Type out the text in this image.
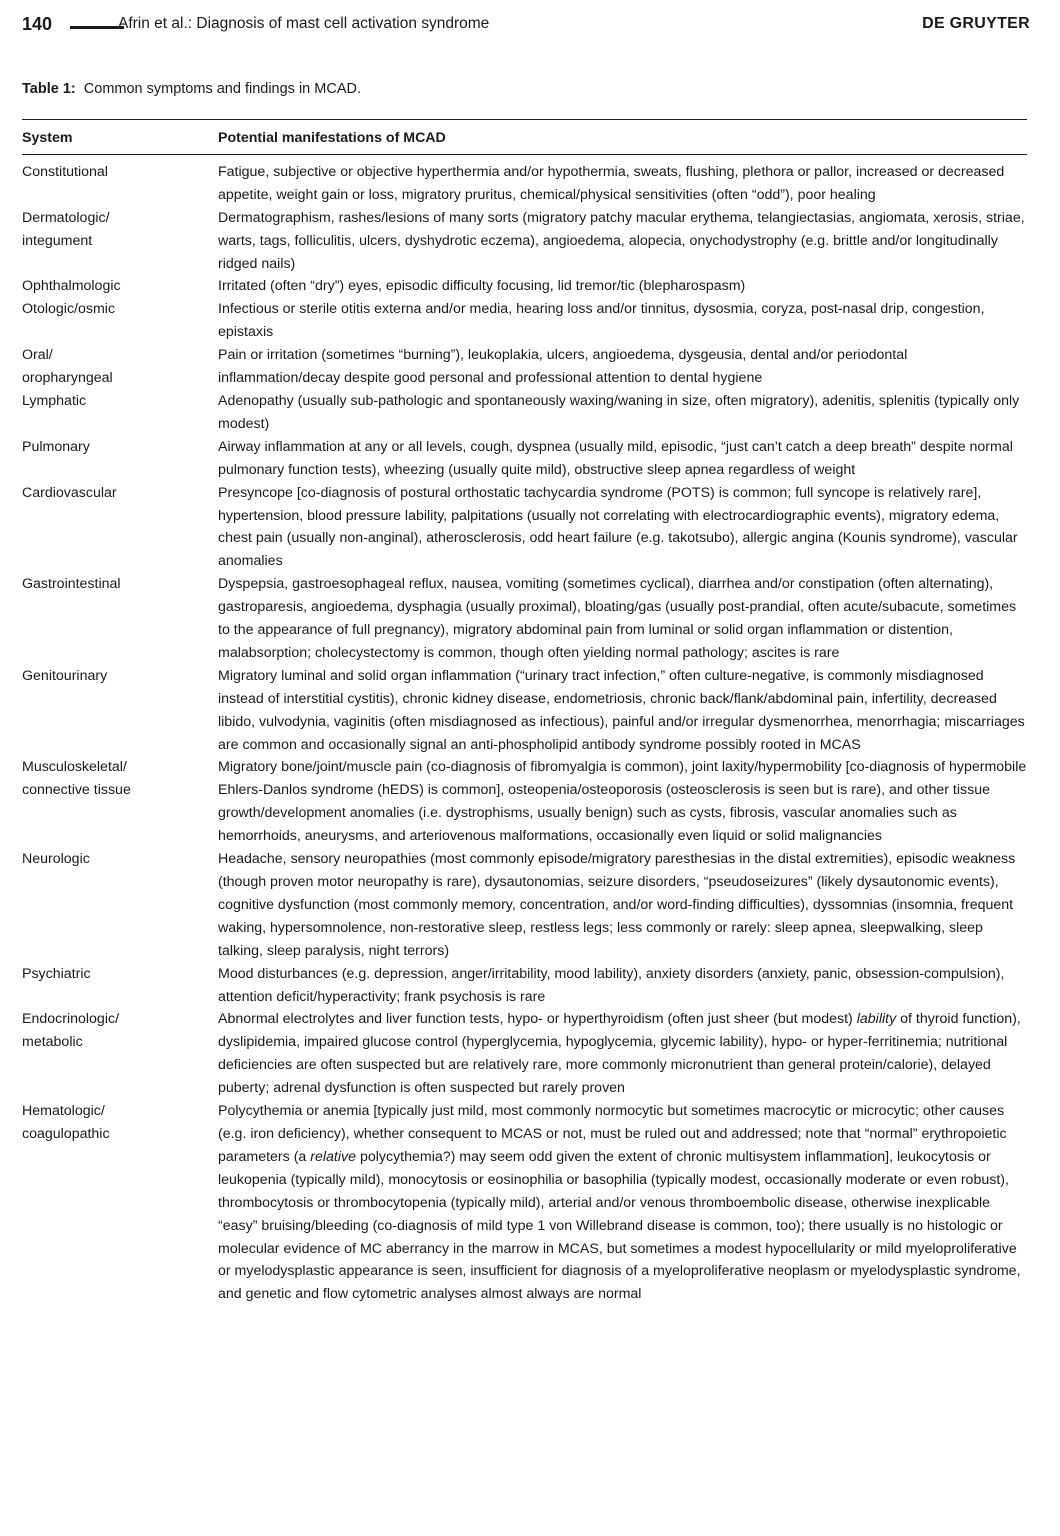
140	Afrin et al.: Diagnosis of mast cell activation syndrome	DE GRUYTER
Table 1: Common symptoms and findings in MCAD.
System	Potential manifestations of MCAD
Constitutional	Fatigue, subjective or objective hyperthermia and/or hypothermia, sweats, flushing, plethora or pallor, increased or decreased appetite, weight gain or loss, migratory pruritus, chemical/physical sensitivities (often “odd”), poor healing
Dermatologic/
integument	Dermatographism, rashes/lesions of many sorts (migratory patchy macular erythema, telangiectasias, angiomata, xerosis, striae, warts, tags, folliculitis, ulcers, dyshydrotic eczema), angioedema, alopecia, onychodystrophy (e.g. brittle and/or longitudinally ridged nails)
Ophthalmologic	Irritated (often “dry”) eyes, episodic difficulty focusing, lid tremor/tic (blepharospasm)
Otologic/osmic	Infectious or sterile otitis externa and/or media, hearing loss and/or tinnitus, dysosmia, coryza, post-nasal drip, congestion, epistaxis
Oral/
oropharyngeal	Pain or irritation (sometimes “burning”), leukoplakia, ulcers, angioedema, dysgeusia, dental and/or periodontal inflammation/decay despite good personal and professional attention to dental hygiene
Lymphatic	Adenopathy (usually sub-pathologic and spontaneously waxing/waning in size, often migratory), adenitis, splenitis (typically only modest)
Pulmonary	Airway inflammation at any or all levels, cough, dyspnea (usually mild, episodic, “just can’t catch a deep breath” despite normal pulmonary function tests), wheezing (usually quite mild), obstructive sleep apnea regardless of weight
Cardiovascular	Presyncope [co-diagnosis of postural orthostatic tachycardia syndrome (POTS) is common; full syncope is relatively rare], hypertension, blood pressure lability, palpitations (usually not correlating with electrocardiographic events), migratory edema, chest pain (usually non-anginal), atherosclerosis, odd heart failure (e.g. takotsubo), allergic angina (Kounis syndrome), vascular anomalies
Gastrointestinal	Dyspepsia, gastroesophageal reflux, nausea, vomiting (sometimes cyclical), diarrhea and/or constipation (often alternating), gastroparesis, angioedema, dysphagia (usually proximal), bloating/gas (usually post-prandial, often acute/subacute, sometimes to the appearance of full pregnancy), migratory abdominal pain from luminal or solid organ inflammation or distention, malabsorption; cholecystectomy is common, though often yielding normal pathology; ascites is rare
Genitourinary	Migratory luminal and solid organ inflammation (“urinary tract infection,” often culture-negative, is commonly misdiagnosed instead of interstitial cystitis), chronic kidney disease, endometriosis, chronic back/flank/abdominal pain, infertility, decreased libido, vulvodynia, vaginitis (often misdiagnosed as infectious), painful and/or irregular dysmenorrhea, menorrhagia; miscarriages are common and occasionally signal an anti-phospholipid antibody syndrome possibly rooted in MCAS
Musculoskeletal/
connective tissue	Migratory bone/joint/muscle pain (co-diagnosis of fibromyalgia is common), joint laxity/hypermobility [co-diagnosis of hypermobile Ehlers-Danlos syndrome (hEDS) is common], osteopenia/osteoporosis (osteosclerosis is seen but is rare), and other tissue growth/development anomalies (i.e. dystrophisms, usually benign) such as cysts, fibrosis, vascular anomalies such as hemorrhoids, aneurysms, and arteriovenous malformations, occasionally even liquid or solid malignancies
Neurologic	Headache, sensory neuropathies (most commonly episode/migratory paresthesias in the distal extremities), episodic weakness (though proven motor neuropathy is rare), dysautonomias, seizure disorders, “pseudoseizures” (likely dysautonomic events), cognitive dysfunction (most commonly memory, concentration, and/or word-finding difficulties), dyssomnias (insomnia, frequent waking, hypersomnolence, non-restorative sleep, restless legs; less commonly or rarely: sleep apnea, sleepwalking, sleep talking, sleep paralysis, night terrors)
Psychiatric	Mood disturbances (e.g. depression, anger/irritability, mood lability), anxiety disorders (anxiety, panic, obsession-compulsion), attention deficit/hyperactivity; frank psychosis is rare
Endocrinologic/
metabolic	Abnormal electrolytes and liver function tests, hypo- or hyperthyroidism (often just sheer (but modest) lability of thyroid function), dyslipidemia, impaired glucose control (hyperglycemia, hypoglycemia, glycemic lability), hypo- or hyper-ferritinemia; nutritional deficiencies are often suspected but are relatively rare, more commonly micronutrient than general protein/calorie), delayed puberty; adrenal dysfunction is often suspected but rarely proven
Hematologic/
coagulopathic	Polycythemia or anemia [typically just mild, most commonly normocytic but sometimes macrocytic or microcytic; other causes (e.g. iron deficiency), whether consequent to MCAS or not, must be ruled out and addressed; note that “normal” erythropoietic parameters (a relative polycythemia?) may seem odd given the extent of chronic multisystem inflammation], leukocytosis or leukopenia (typically mild), monocytosis or eosinophilia or basophilia (typically modest, occasionally moderate or even robust), thrombocytosis or thrombocytopenia (typically mild), arterial and/or venous thromboembolic disease, otherwise inexplicable “easy” bruising/bleeding (co-diagnosis of mild type 1 von Willebrand disease is common, too); there usually is no histologic or molecular evidence of MC aberrancy in the marrow in MCAS, but sometimes a modest hypocellularity or mild myeloproliferative or myelodysplastic appearance is seen, insufficient for diagnosis of a myeloproliferative neoplasm or myelodysplastic syndrome, and genetic and flow cytometric analyses almost always are normal
